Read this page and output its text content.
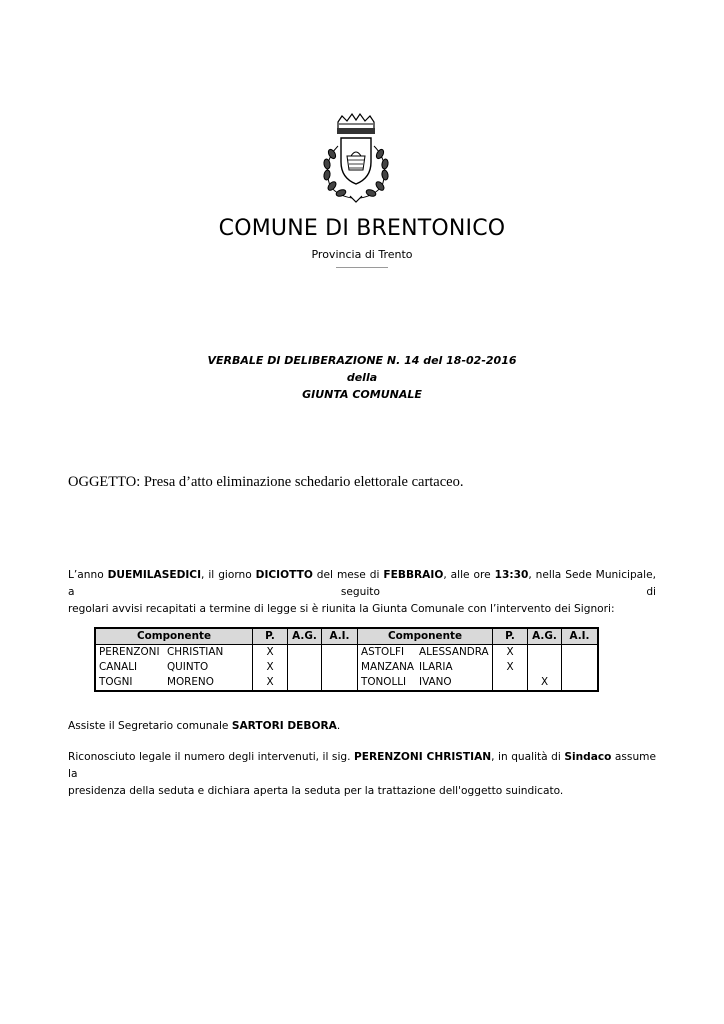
COMUNE DI BRENTONICO
Provincia di Trento
VERBALE DI DELIBERAZIONE N. 14 del 18-02-2016
della
GIUNTA COMUNALE
OGGETTO: Presa d’atto eliminazione schedario elettorale cartaceo.
L’anno DUEMILASEDICI, il giorno DICIOTTO del mese di FEBBRAIO, alle ore 13:30, nella Sede Municipale, a seguito di
regolari avvisi recapitati a termine di legge si è riunita la Giunta Comunale con l’intervento dei Signori:
Componente	P.	A.G.	A.I.	Componente	P.	A.G.	A.I.
PERENZONI CHRISTIAN	X			ASTOLFI ALESSANDRA	X		
CANALI QUINTO	X			MANZANA ILARIA	X		
TOGNI MORENO	X			TONOLLI IVANO		X	
Assiste il Segretario comunale SARTORI DEBORA.
Riconosciuto legale il numero degli intervenuti, il sig. PERENZONI CHRISTIAN, in qualità di Sindaco assume la
presidenza della seduta e dichiara aperta la seduta per la trattazione dell'oggetto suindicato.
